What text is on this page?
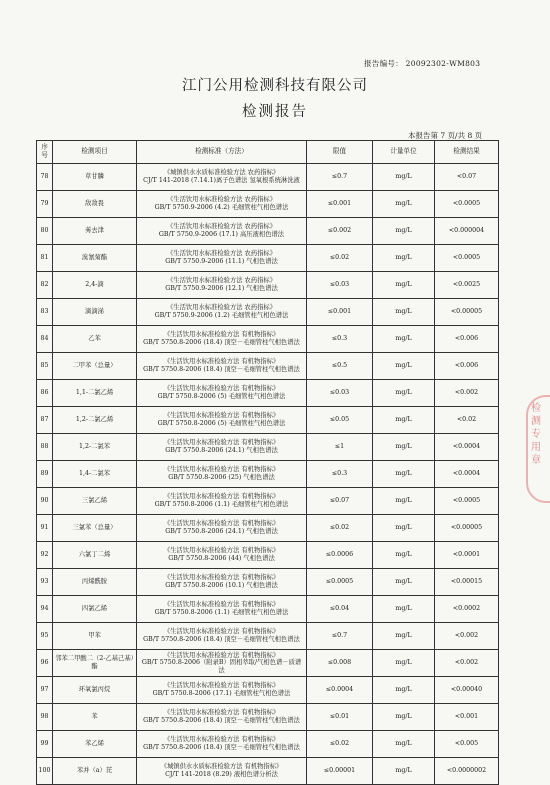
报告编号： 20092302-WM803
江门公用检测科技有限公司
检测报告
本报告第 7 页/共 8 页
序号	检测项目	检测标准（方法）	限值	计量单位	检测结果
78	草甘膦	《城镇供水水质标准检验方法 农药指标》
CJ/T 141-2018 (7.14.1)离子色谱法 氢氧根系统淋洗液	≤0.7	mg/L	<0.07
79	敌敌畏	《生活饮用水标准检验方法 农药指标》
GB/T 5750.9-2006 (4.2) 毛细管柱气相色谱法	≤0.001	mg/L	<0.0005
80	莠去津	《生活饮用水标准检验方法 农药指标》
GB/T 5750.9-2006 (17.1) 高压液相色谱法	≤0.002	mg/L	<0.000004
81	溴氰菊酯	《生活饮用水标准检验方法 农药指标》
GB/T 5750.9-2006 (11.1) 气相色谱法	≤0.02	mg/L	<0.0005
82	2,4-滴	《生活饮用水标准检验方法 农药指标》
GB/T 5750.9-2006 (12.1) 气相色谱法	≤0.03	mg/L	<0.0025
83	滴滴涕	《生活饮用水标准检验方法 农药指标》
GB/T 5750.9-2006 (1.2) 毛细管柱气相色谱法	≤0.001	mg/L	<0.00005
84	乙苯	《生活饮用水标准检验方法 有机物指标》
GB/T 5750.8-2006 (18.4) 顶空－毛细管柱气相色谱法	≤0.3	mg/L	<0.006
85	二甲苯（总量）	《生活饮用水标准检验方法 有机物指标》
GB/T 5750.8-2006 (18.4) 顶空－毛细管柱气相色谱法	≤0.5	mg/L	<0.006
86	1,1-二氯乙烯	《生活饮用水标准检验方法 有机物指标》
GB/T 5750.8-2006 (5) 毛细管柱气相色谱法	≤0.03	mg/L	<0.002
87	1,2-二氯乙烯	《生活饮用水标准检验方法 有机物指标》
GB/T 5750.8-2006 (5) 毛细管柱气相色谱法	≤0.05	mg/L	<0.02
88	1,2-二氯苯	《生活饮用水标准检验方法 有机物指标》
GB/T 5750.8-2006 (24.1) 气相色谱法	≤1	mg/L	<0.0004
89	1,4-二氯苯	《生活饮用水标准检验方法 有机物指标》
GB/T 5750.8-2006 (25) 气相色谱法	≤0.3	mg/L	<0.0004
90	三氯乙烯	《生活饮用水标准检验方法 有机物指标》
GB/T 5750.8-2006 (1.1) 毛细管柱气相色谱法	≤0.07	mg/L	<0.0005
91	三氯苯（总量）	《生活饮用水标准检验方法 有机物指标》
GB/T 5750.8-2006 (24.1) 气相色谱法	≤0.02	mg/L	<0.00005
92	六氯丁二烯	《生活饮用水标准检验方法 有机物指标》
GB/T 5750.8-2006 (44) 气相色谱法	≤0.0006	mg/L	<0.0001
93	丙烯酰胺	《生活饮用水标准检验方法 有机物指标》
GB/T 5750.8-2006 (10.1) 气相色谱法	≤0.0005	mg/L	<0.00015
94	四氯乙烯	《生活饮用水标准检验方法 有机物指标》
GB/T 5750.8-2006 (1.1) 毛细管柱气相色谱法	≤0.04	mg/L	<0.0002
95	甲苯	《生活饮用水标准检验方法 有机物指标》
GB/T 5750.8-2006 (18.4) 顶空－毛细管柱气相色谱法	≤0.7	mg/L	<0.002
96	邻苯二甲酸二（2-乙基己基）酯	《生活饮用水标准检验方法 有机物指标》
GB/T 5750.8-2006（附录B）固相萃取/气相色谱－质谱
法	≤0.008	mg/L	<0.002
97	环氧氯丙烷	《生活饮用水标准检验方法 有机物指标》
GB/T 5750.8-2006 (17.1) 毛细管柱气相色谱法	≤0.0004	mg/L	<0.00040
98	苯	《生活饮用水标准检验方法 有机物指标》
GB/T 5750.8-2006 (18.4) 顶空－毛细管柱气相色谱法	≤0.01	mg/L	<0.001
99	苯乙烯	《生活饮用水标准检验方法 有机物指标》
GB/T 5750.8-2006 (18.4) 顶空－毛细管柱气相色谱法	≤0.02	mg/L	<0.005
100	苯并（a）芘	《城镇供水水质标准检验方法 有机物指标》
CJ/T 141-2018 (8.29) 液相色谱分析法	≤0.00001	mg/L	<0.0000002
检测专用章
